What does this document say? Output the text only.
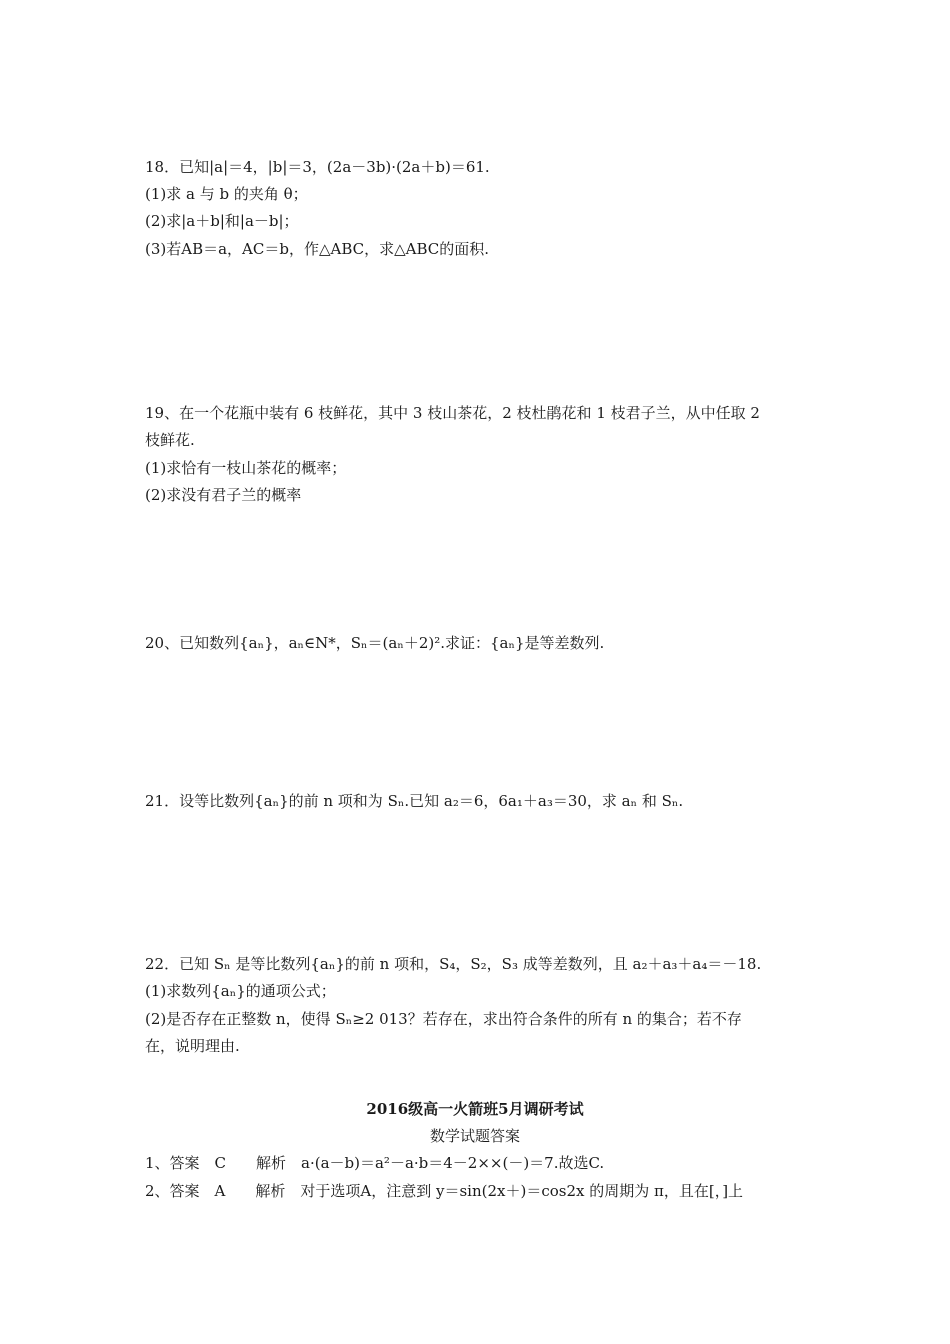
18．已知|a|＝4，|b|＝3，(2a－3b)·(2a＋b)＝61.
(1)求 a 与 b 的夹角 θ；
(2)求|a＋b|和|a－b|；
(3)若AB＝a，AC＝b，作△ABC，求△ABC的面积.
19、在一个花瓶中装有 6 枝鲜花，其中 3 枝山茶花，2 枝杜鹃花和 1 枝君子兰，从中任取 2
枝鲜花.
(1)求恰有一枝山茶花的概率；
(2)求没有君子兰的概率
20、已知数列{aₙ}，aₙ∈N*，Sₙ＝(aₙ＋2)².求证：{aₙ}是等差数列.
21．设等比数列{aₙ}的前 n 项和为 Sₙ.已知 a₂＝6，6a₁＋a₃＝30，求 aₙ 和 Sₙ.
22．已知 Sₙ 是等比数列{aₙ}的前 n 项和，S₄，S₂，S₃ 成等差数列，且 a₂＋a₃＋a₄＝－18.
(1)求数列{aₙ}的通项公式；
(2)是否存在正整数 n，使得 Sₙ≥2 013？若存在，求出符合条件的所有 n 的集合；若不存
在，说明理由.
2016级高一火箭班5月调研考试
数学试题答案
1、答案　C　　解析　a·(a－b)＝a²－a·b＝4－2××(－)＝7.故选C.
2、答案　A　　解析　对于选项A，注意到 y＝sin(2x＋)＝cos2x 的周期为 π，且在[，]上
